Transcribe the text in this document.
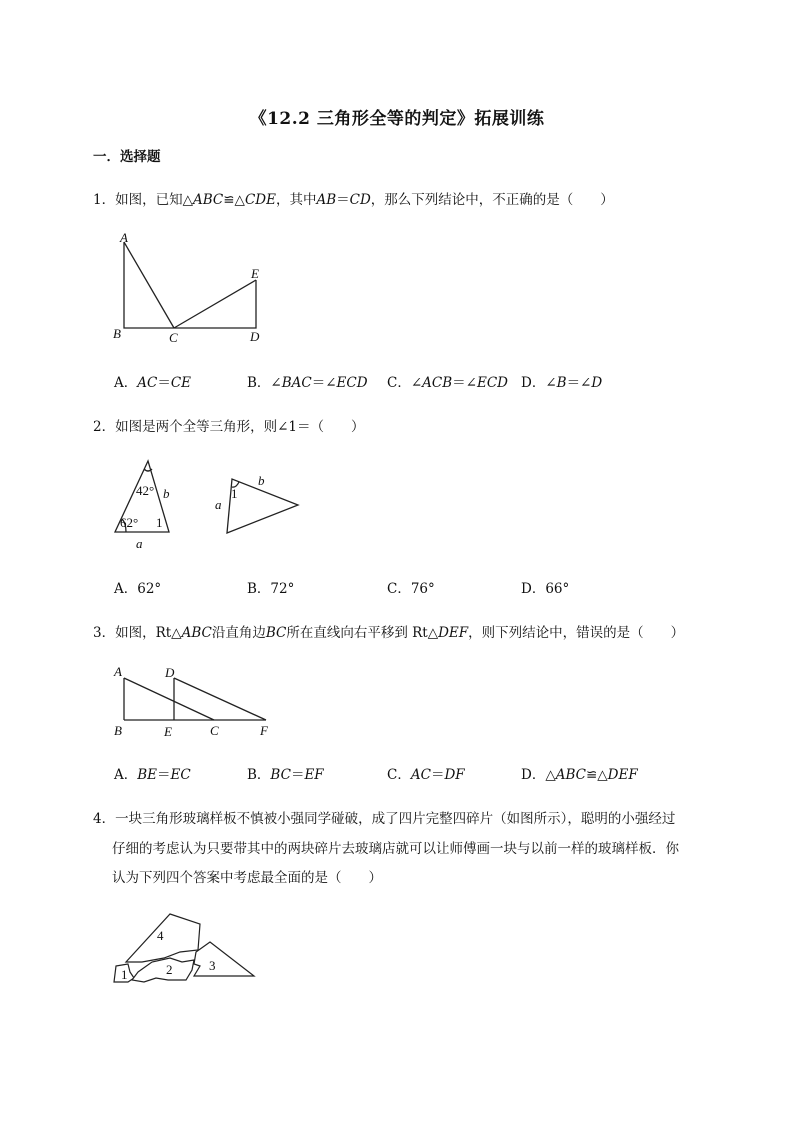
《12.2 三角形全等的判定》拓展训练
一．选择题
1．如图，已知△ABC≌△CDE，其中AB＝CD，那么下列结论中，不正确的是（　　）
A
B	C	D
E
A．AC＝CE	B．∠BAC＝∠ECD C．∠ACB＝∠ECD D．∠B＝∠D
2．如图是两个全等三角形，则∠1＝（　　）
42°
62° 1
b
a
1
b
a
A．62°	B．72°	C．76°	D．66°
3．如图，Rt△ABC沿直角边BC所在直线向右平移到 Rt△DEF，则下列结论中，错误的是（　　）
A
B	C
D
E	F
A．BE＝EC	B．BC＝EF	C．AC＝DF	D．△ABC≌△DEF
4．一块三角形玻璃样板不慎被小强同学碰破，成了四片完整四碎片（如图所示），聪明的小强经过
仔细的考虑认为只要带其中的两块碎片去玻璃店就可以让师傅画一块与以前一样的玻璃样板．你
认为下列四个答案中考虑最全面的是（　　）
4
1	2	3
